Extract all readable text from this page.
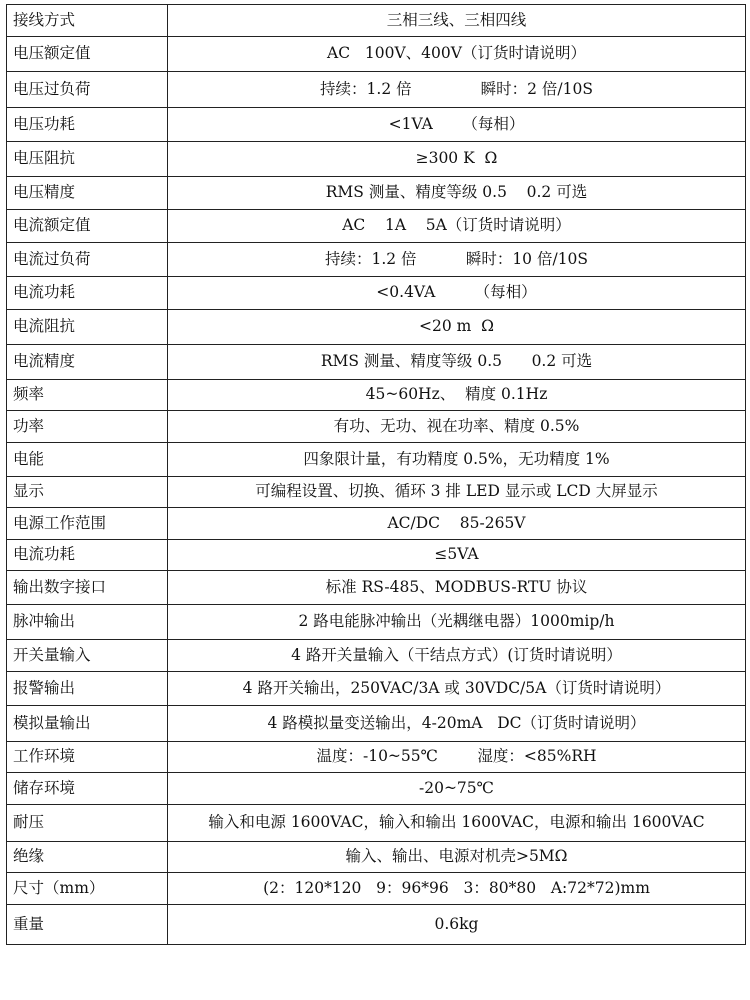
接线方式	三相三线、三相四线
电压额定值	AC   100V、400V（订货时请说明）
电压过负荷	持续：1.2 倍              瞬时：2 倍/10S
电压功耗	<1VA      （每相）
电压阻抗	≥300 K  Ω
电压精度	RMS 测量、精度等级 0.5    0.2 可选
电流额定值	AC    1A    5A（订货时请说明）
电流过负荷	持续：1.2 倍          瞬时：10 倍/10S
电流功耗	<0.4VA        （每相）
电流阻抗	<20 m  Ω
电流精度	RMS 测量、精度等级 0.5      0.2 可选
频率	45~60Hz、  精度 0.1Hz
功率	有功、无功、视在功率、精度 0.5%
电能	四象限计量，有功精度 0.5%，无功精度 1%
显示	可编程设置、切换、循环 3 排 LED 显示或 LCD 大屏显示
电源工作范围	AC/DC    85-265V
电流功耗	≤5VA
输出数字接口	标准 RS-485、MODBUS-RTU 协议
脉冲输出	2 路电能脉冲输出（光耦继电器）1000mip/h
开关量输入	4 路开关量输入（干结点方式）(订货时请说明）
报警输出	4 路开关输出，250VAC/3A 或 30VDC/5A（订货时请说明）
模拟量输出	4 路模拟量变送输出，4-20mA   DC（订货时请说明）
工作环境	温度：-10~55℃        湿度：<85%RH
储存环境	-20~75℃
耐压	输入和电源 1600VAC，输入和输出 1600VAC，电源和输出 1600VAC
绝缘	输入、输出、电源对机壳>5MΩ
尺寸（mm）	(2：120*120   9：96*96   3：80*80   A:72*72)mm
重量	0.6kg
